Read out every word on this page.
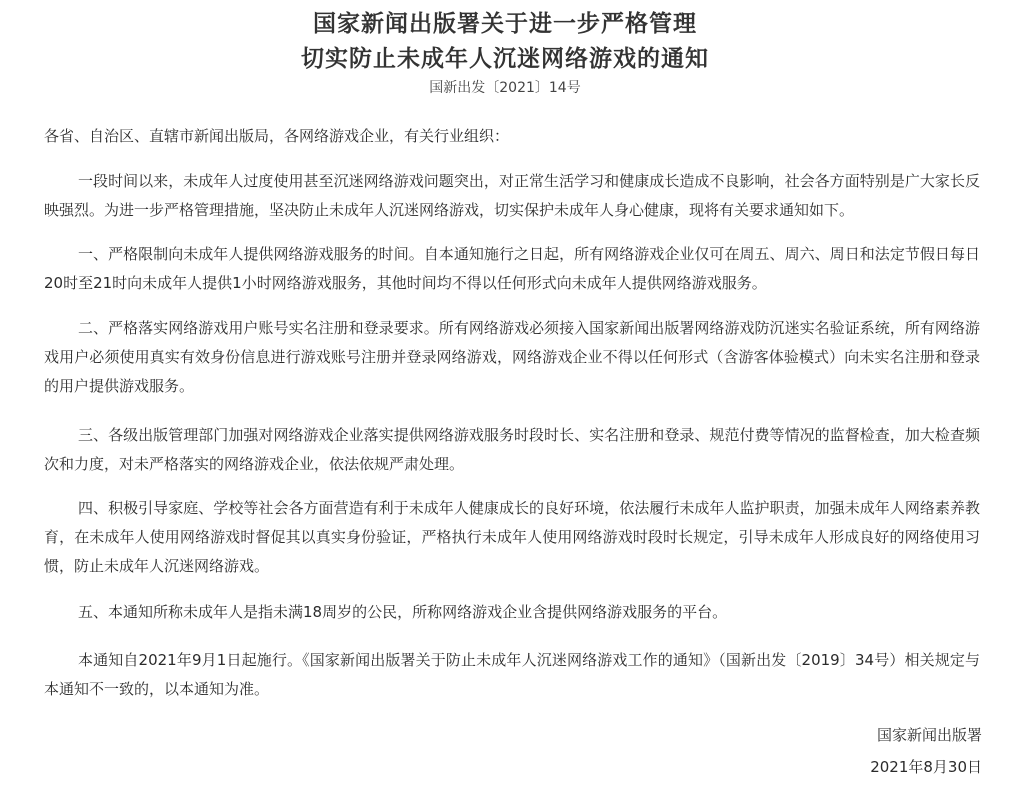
国家新闻出版署关于进一步严格管理
切实防止未成年人沉迷网络游戏的通知
国新出发〔2021〕14号

各省、自治区、直辖市新闻出版局，各网络游戏企业，有关行业组织：

一段时间以来，未成年人过度使用甚至沉迷网络游戏问题突出，对正常生活学习和健康成长造成不良影响，社会各方面特别是广大家长反映强烈。为进一步严格管理措施，坚决防止未成年人沉迷网络游戏，切实保护未成年人身心健康，现将有关要求通知如下。

一、严格限制向未成年人提供网络游戏服务的时间。自本通知施行之日起，所有网络游戏企业仅可在周五、周六、周日和法定节假日每日20时至21时向未成年人提供1小时网络游戏服务，其他时间均不得以任何形式向未成年人提供网络游戏服务。

二、严格落实网络游戏用户账号实名注册和登录要求。所有网络游戏必须接入国家新闻出版署网络游戏防沉迷实名验证系统，所有网络游戏用户必须使用真实有效身份信息进行游戏账号注册并登录网络游戏，网络游戏企业不得以任何形式（含游客体验模式）向未实名注册和登录的用户提供游戏服务。

三、各级出版管理部门加强对网络游戏企业落实提供网络游戏服务时段时长、实名注册和登录、规范付费等情况的监督检查，加大检查频次和力度，对未严格落实的网络游戏企业，依法依规严肃处理。

四、积极引导家庭、学校等社会各方面营造有利于未成年人健康成长的良好环境，依法履行未成年人监护职责，加强未成年人网络素养教育，在未成年人使用网络游戏时督促其以真实身份验证，严格执行未成年人使用网络游戏时段时长规定，引导未成年人形成良好的网络使用习惯，防止未成年人沉迷网络游戏。

五、本通知所称未成年人是指未满18周岁的公民，所称网络游戏企业含提供网络游戏服务的平台。

本通知自2021年9月1日起施行。《国家新闻出版署关于防止未成年人沉迷网络游戏工作的通知》（国新出发〔2019〕34号）相关规定与本通知不一致的，以本通知为准。

国家新闻出版署
2021年8月30日
